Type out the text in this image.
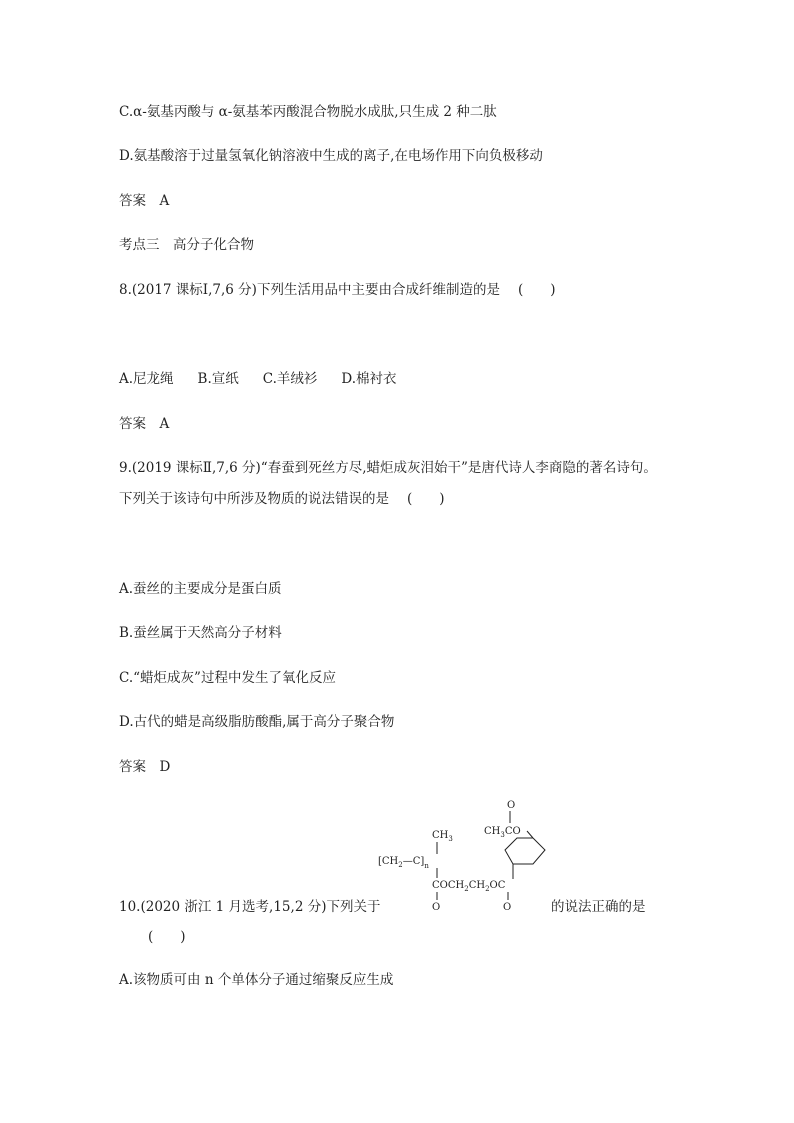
C.α-氨基丙酸与 α-氨基苯丙酸混合物脱水成肽,只生成 2 种二肽
D.氨基酸溶于过量氢氧化钠溶液中生成的离子,在电场作用下向负极移动
答案　A
考点三　高分子化合物
8.(2017 课标Ⅰ,7,6 分)下列生活用品中主要由合成纤维制造的是 (　　)
A.尼龙绳 B.宣纸 C.羊绒衫 D.棉衬衣
答案　A
9.(2019 课标Ⅱ,7,6 分)“春蚕到死丝方尽,蜡炬成灰泪始干”是唐代诗人李商隐的著名诗句。
下列关于该诗句中所涉及物质的说法错误的是 (　　)
A.蚕丝的主要成分是蛋白质
B.蚕丝属于天然高分子材料
C.“蜡炬成灰”过程中发生了氧化反应
D.古代的蜡是高级脂肪酸酯,属于高分子聚合物
答案　D
O
$CH_3CO$
$CH_3$
$[CH_2—C]_n$
$COCH_2CH_2OC$
O	O
10.(2020 浙江 1 月选考,15,2 分)下列关于	的说法正确的是
(　　)
A.该物质可由 n 个单体分子通过缩聚反应生成
